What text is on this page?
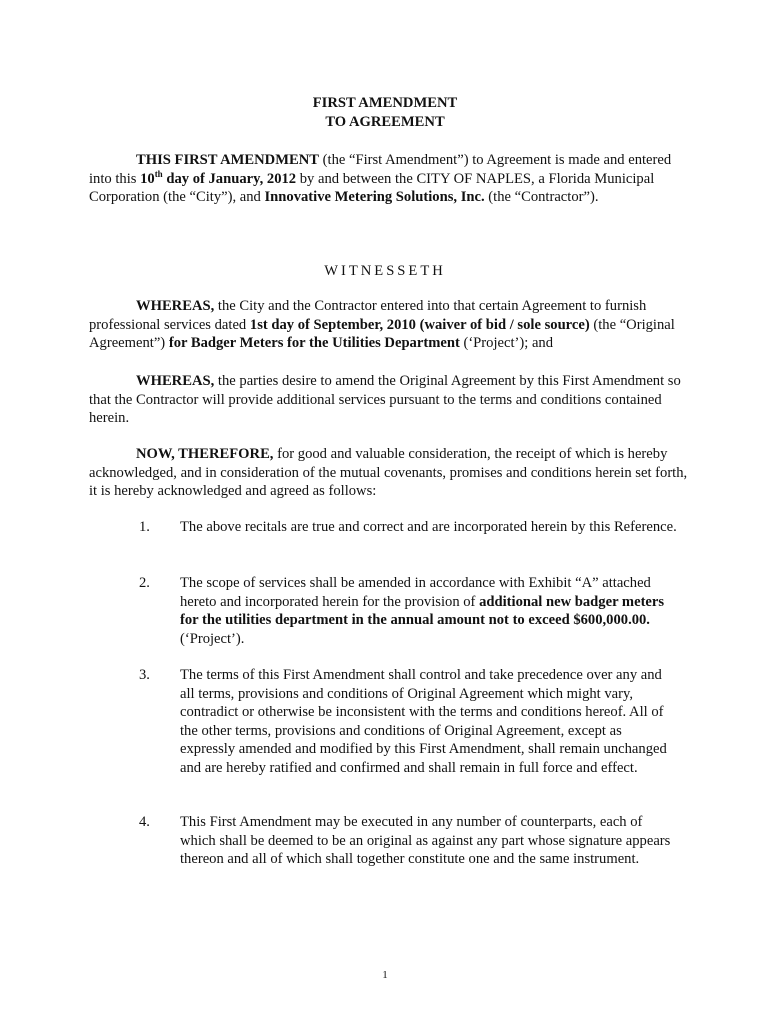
FIRST AMENDMENT
TO AGREEMENT

THIS FIRST AMENDMENT (the “First Amendment”) to Agreement is made and entered into this 10th day of January, 2012 by and between the CITY OF NAPLES, a Florida Municipal Corporation (the “City”), and Innovative Metering Solutions, Inc. (the “Contractor”).

WITNESSETH

WHEREAS, the City and the Contractor entered into that certain Agreement to furnish professional services dated 1st day of September, 2010 (waiver of bid / sole source) (the “Original Agreement”) for Badger Meters for the Utilities Department (‘Project’); and

WHEREAS, the parties desire to amend the Original Agreement by this First Amendment so that the Contractor will provide additional services pursuant to the terms and conditions contained herein.

NOW, THEREFORE, for good and valuable consideration, the receipt of which is hereby acknowledged, and in consideration of the mutual covenants, promises and conditions herein set forth, it is hereby acknowledged and agreed as follows:

1. The above recitals are true and correct and are incorporated herein by this Reference.

2. The scope of services shall be amended in accordance with Exhibit “A” attached hereto and incorporated herein for the provision of additional new badger meters for the utilities department in the annual amount not to exceed $600,000.00. (‘Project’).

3. The terms of this First Amendment shall control and take precedence over any and all terms, provisions and conditions of Original Agreement which might vary, contradict or otherwise be inconsistent with the terms and conditions hereof. All of the other terms, provisions and conditions of Original Agreement, except as expressly amended and modified by this First Amendment, shall remain unchanged and are hereby ratified and confirmed and shall remain in full force and effect.

4. This First Amendment may be executed in any number of counterparts, each of which shall be deemed to be an original as against any part whose signature appears thereon and all of which shall together constitute one and the same instrument.

1
